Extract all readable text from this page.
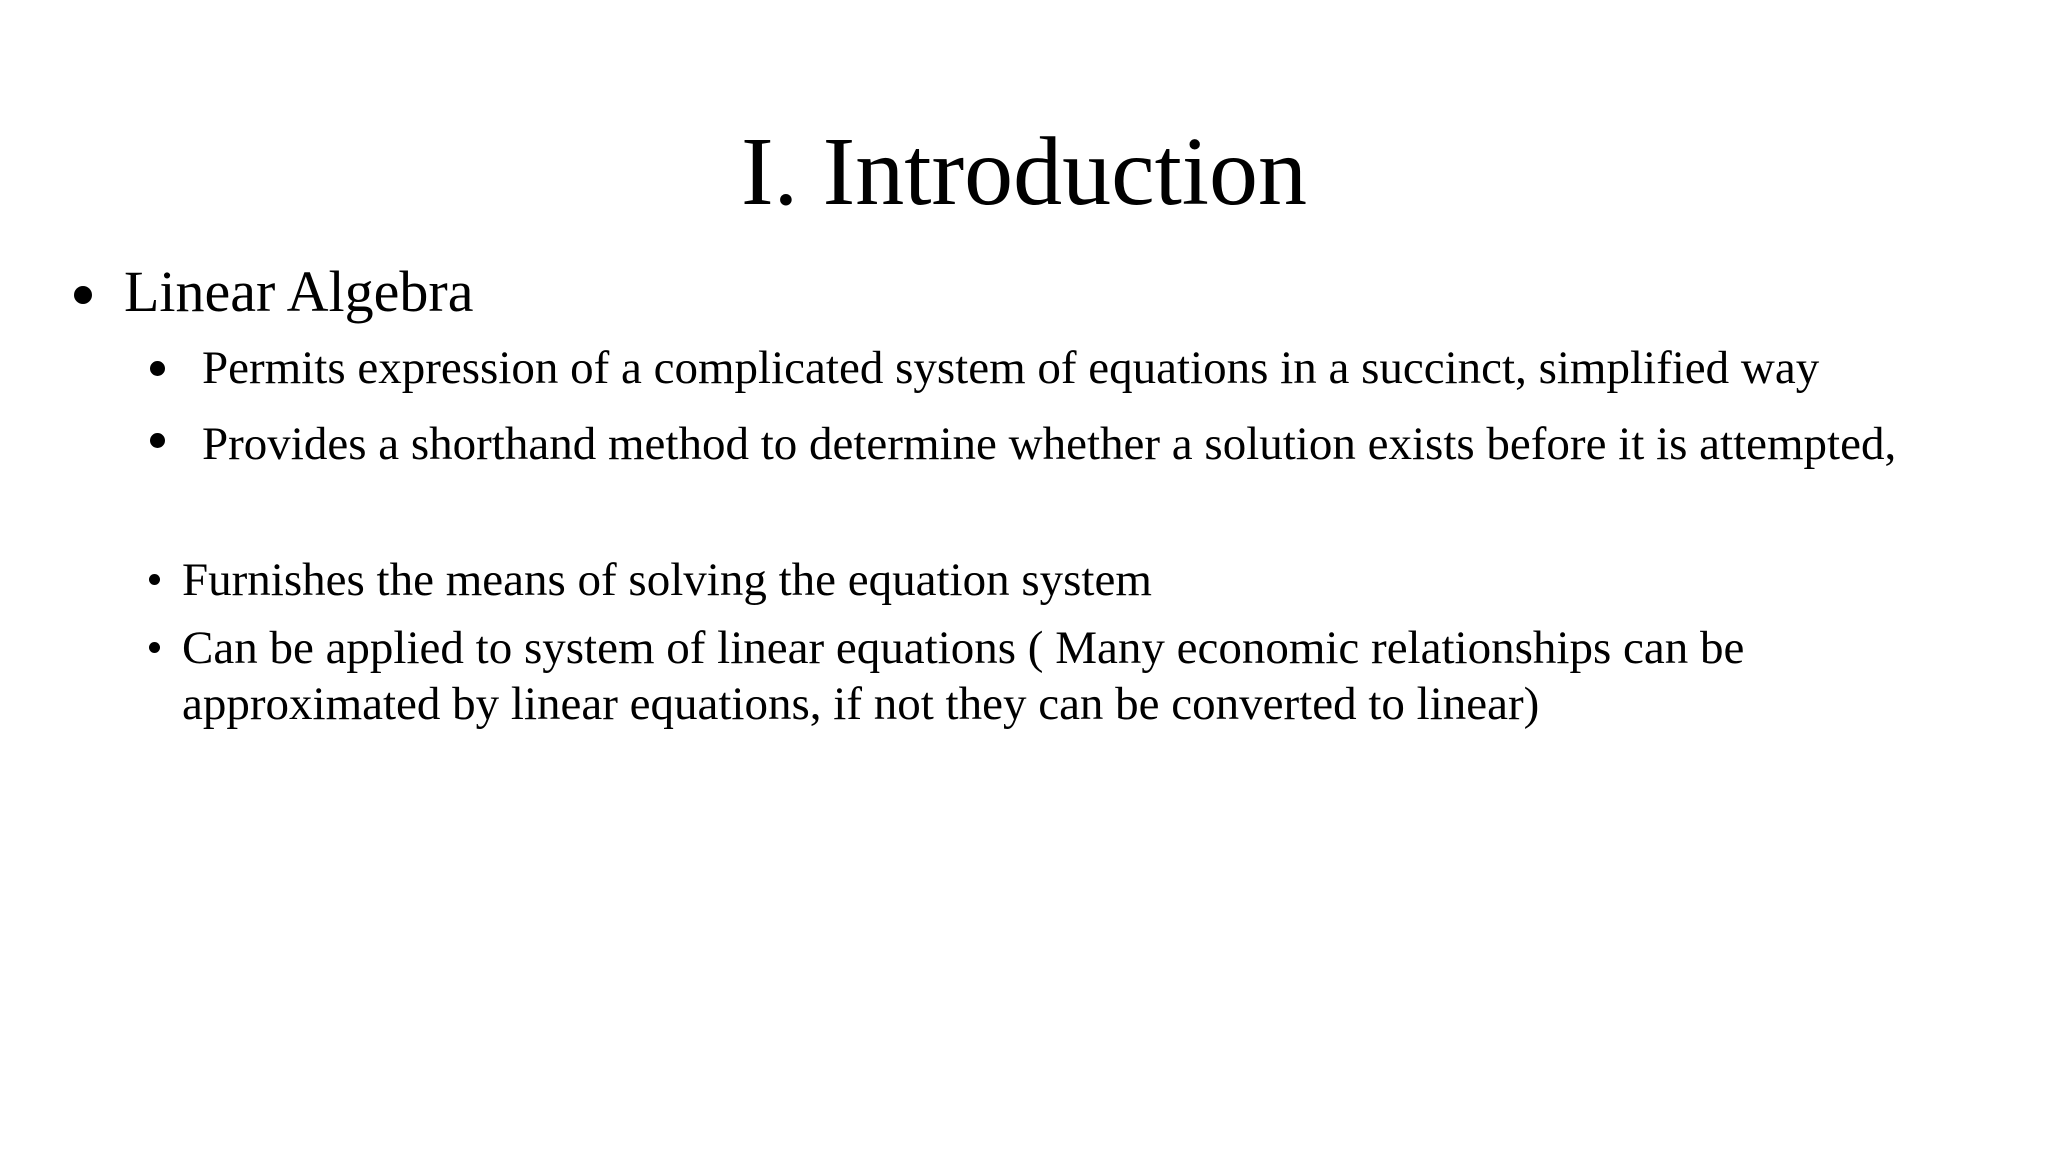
I. Introduction
Linear Algebra
Permits expression of a complicated system of equations in a succinct, simplified way
Provides a shorthand method to determine whether a solution exists before it is attempted,
Furnishes the means of solving the equation system
Can be applied to system of linear equations ( Many economic relationships can be approximated by linear equations, if not they can be converted to linear)
